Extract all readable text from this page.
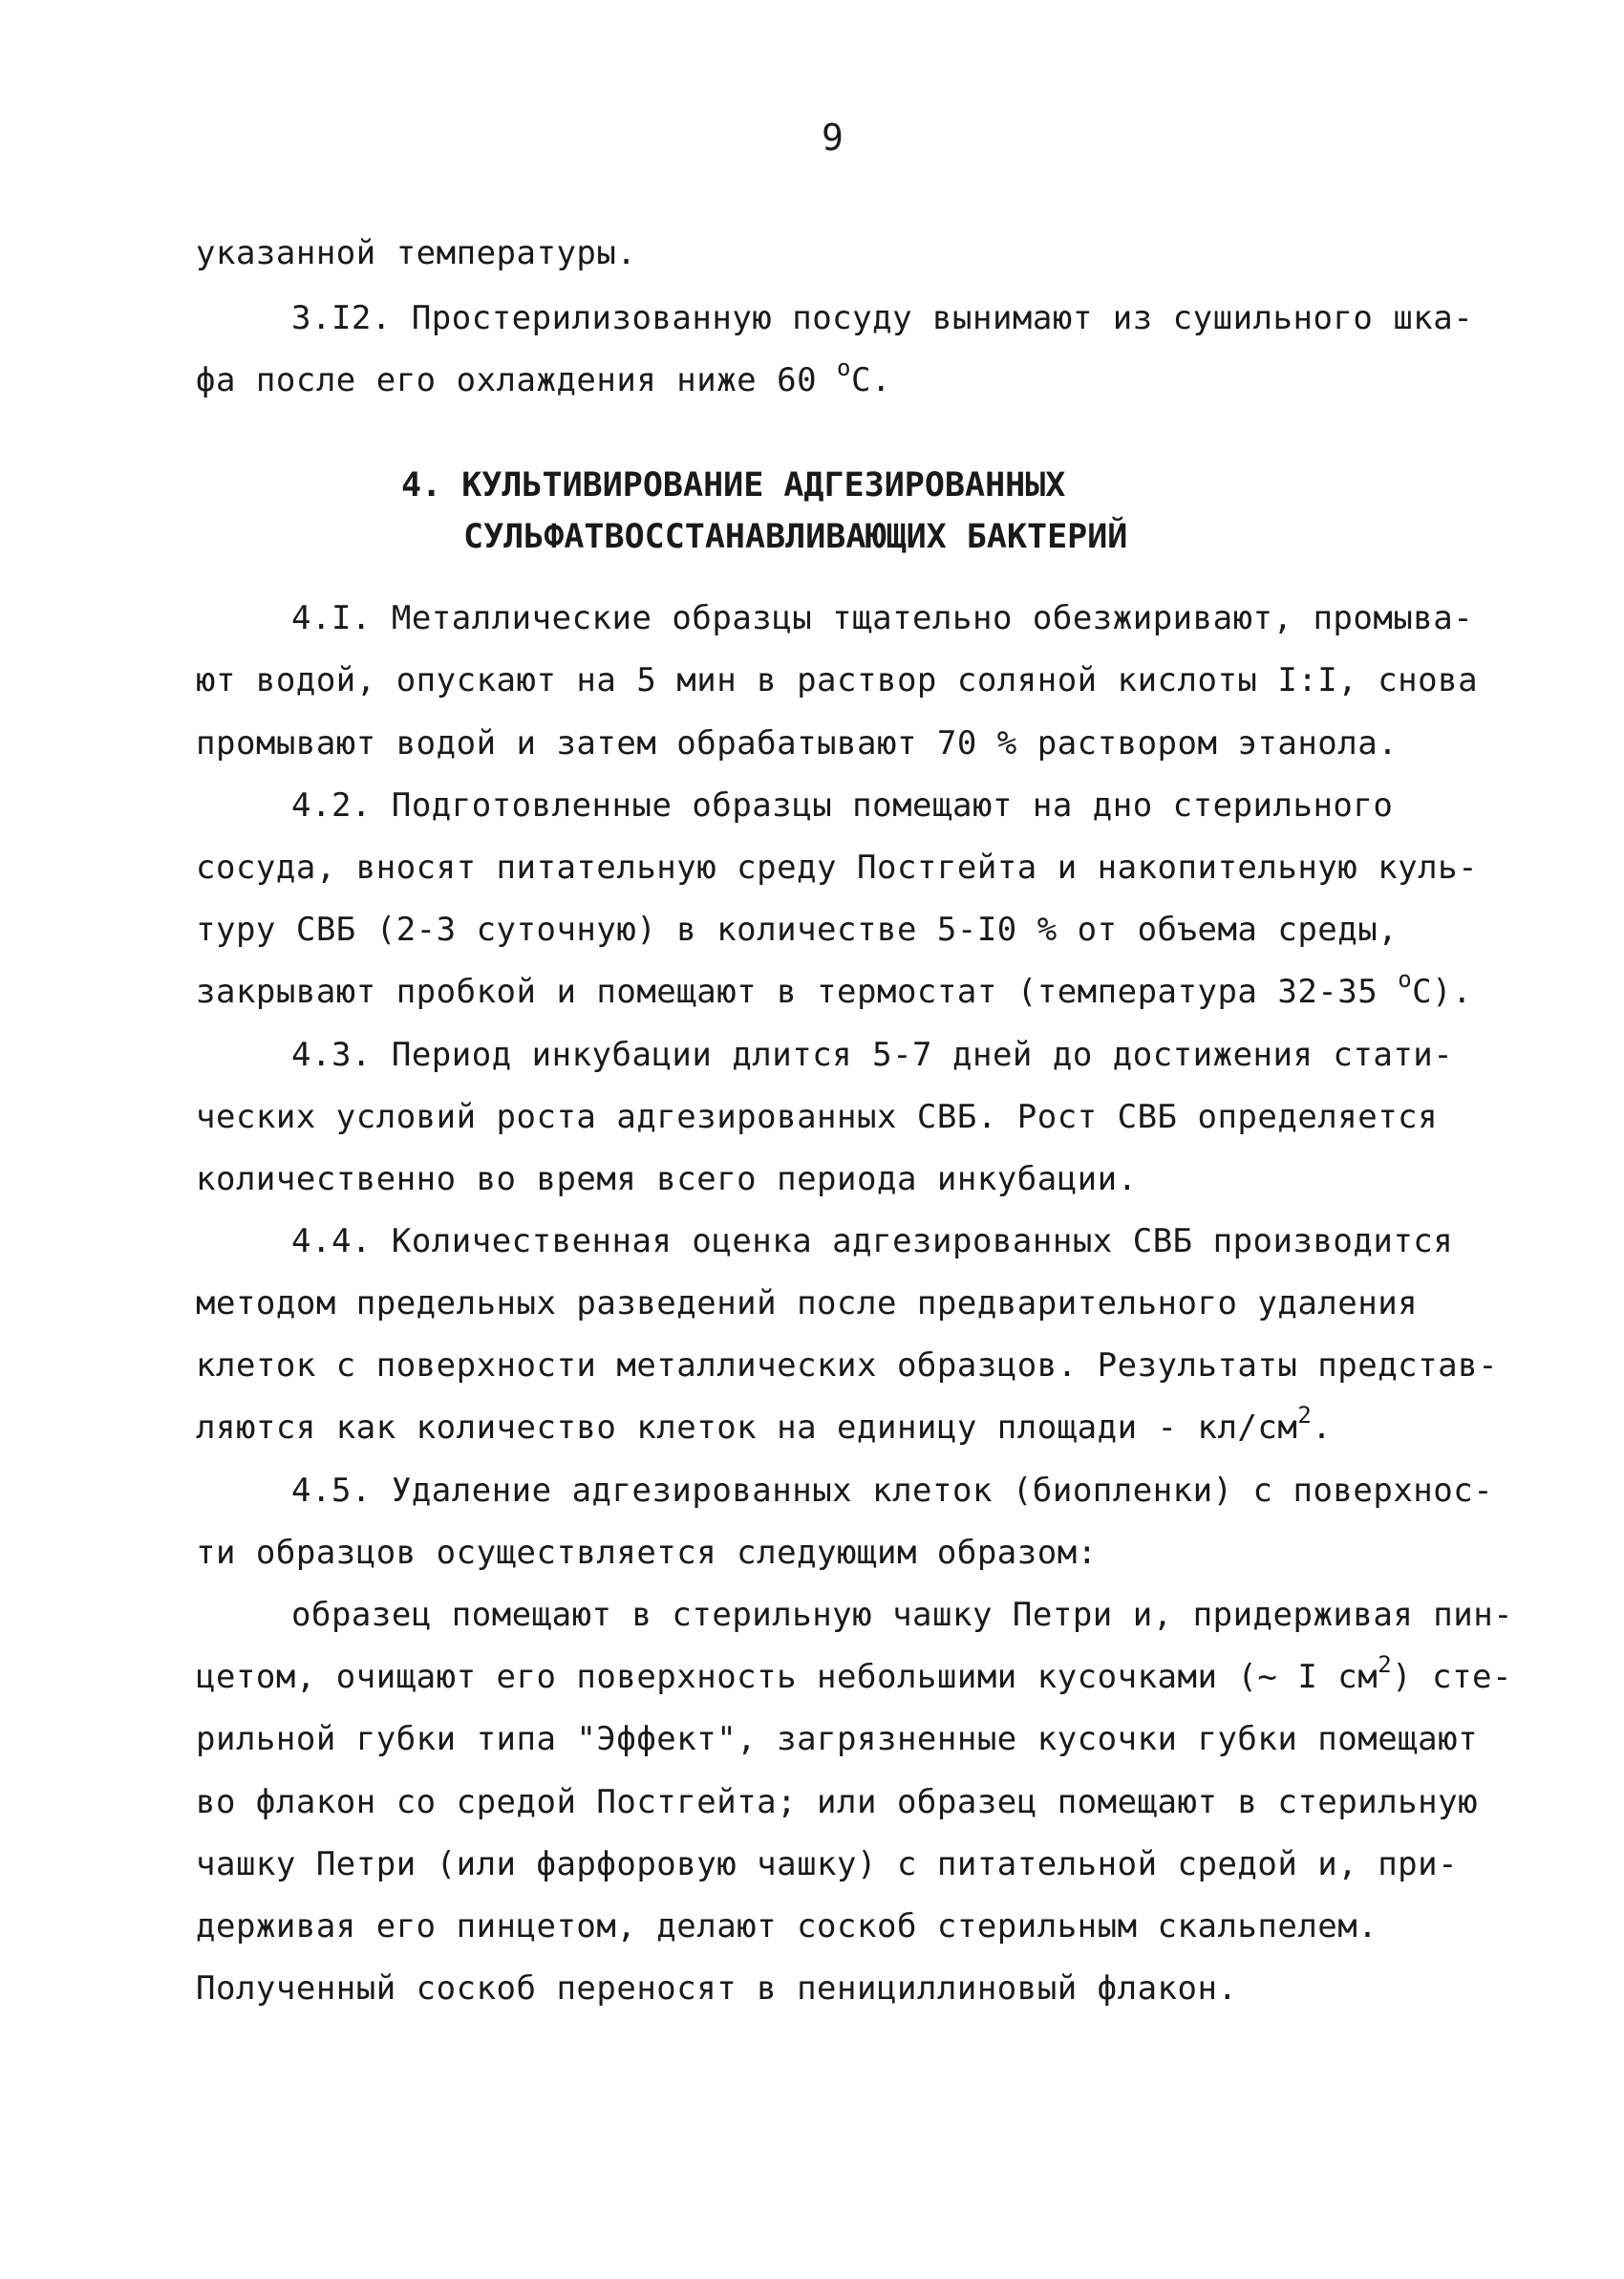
9
указанной температуры.
3.I2. Простерилизованную посуду вынимают из сушильного шка-
фа после его охлаждения ниже 60 $^о$С.
4. КУЛЬТИВИРОВАНИЕ АДГЕЗИРОВАННЫХ
СУЛЬФАТВОССТАНАВЛИВАЮЩИХ БАКТЕРИЙ
4.I. Металлические образцы тщательно обезжиривают, промыва-
ют водой, опускают на 5 мин в раствор соляной кислоты I:I, снова
промывают водой и затем обрабатывают 70 % раствором этанола.
4.2. Подготовленные образцы помещают на дно стерильного
сосуда, вносят питательную среду Постгейта и накопительную куль-
туру СВБ (2-3 суточную) в количестве 5-I0 % от объема среды,
закрывают пробкой и помещают в термостат (температура 32-35 $^о$С).
4.3. Период инкубации длится 5-7 дней до достижения стати-
ческих условий роста адгезированных СВБ. Рост СВБ определяется
количественно во время всего периода инкубации.
4.4. Количественная оценка адгезированных СВБ производится
методом предельных разведений после предварительного удаления
клеток с поверхности металлических образцов. Результаты представ-
ляются как количество клеток на единицу площади - $кл/см^2$.
4.5. Удаление адгезированных клеток (биопленки) с поверхнос-
ти образцов осуществляется следующим образом:
образец помещают в стерильную чашку Петри и, придерживая пин-
цетом, очищают его поверхность небольшими кусочками (~ I $см^2$) сте-
рильной губки типа "Эффект", загрязненные кусочки губки помещают
во флакон со средой Постгейта; или образец помещают в стерильную
чашку Петри (или фарфоровую чашку) с питательной средой и, при-
держивая его пинцетом, делают соскоб стерильным скальпелем.
Полученный соскоб переносят в пенициллиновый флакон.
